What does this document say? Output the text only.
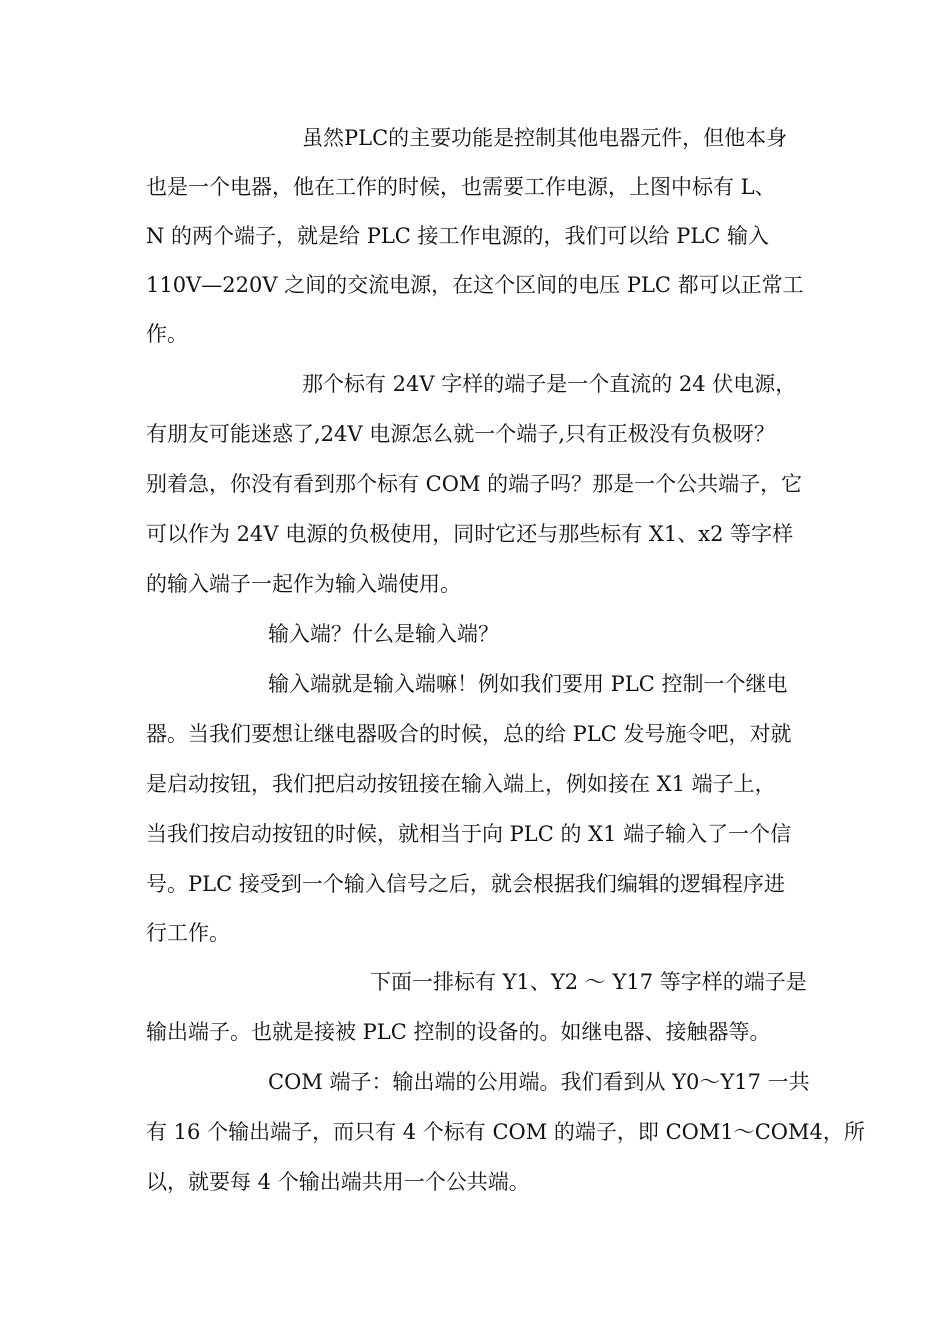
虽然PLC的主要功能是控制其他电器元件，但他本身
也是一个电器，他在工作的时候，也需要工作电源，上图中标有 L、
N 的两个端子，就是给 PLC 接工作电源的，我们可以给 PLC 输入
110V—220V 之间的交流电源，在这个区间的电压 PLC 都可以正常工
作。
那个标有 24V 字样的端子是一个直流的 24 伏电源，
有朋友可能迷惑了,24V 电源怎么就一个端子,只有正极没有负极呀？
别着急，你没有看到那个标有 COM 的端子吗？那是一个公共端子，它
可以作为 24V 电源的负极使用，同时它还与那些标有 X1、x2 等字样
的输入端子一起作为输入端使用。
输入端？什么是输入端？
输入端就是输入端嘛！例如我们要用 PLC 控制一个继电
器。当我们要想让继电器吸合的时候，总的给 PLC 发号施令吧，对就
是启动按钮，我们把启动按钮接在输入端上，例如接在 X1 端子上，
当我们按启动按钮的时候，就相当于向 PLC 的 X1 端子输入了一个信
号。PLC 接受到一个输入信号之后，就会根据我们编辑的逻辑程序进
行工作。
下面一排标有 Y1、Y2 ～ Y17 等字样的端子是
输出端子。也就是接被 PLC 控制的设备的。如继电器、接触器等。
COM 端子：输出端的公用端。我们看到从 Y0～Y17 一共
有 16 个输出端子，而只有 4 个标有 COM 的端子，即 COM1～COM4，所
以，就要每 4 个输出端共用一个公共端。
